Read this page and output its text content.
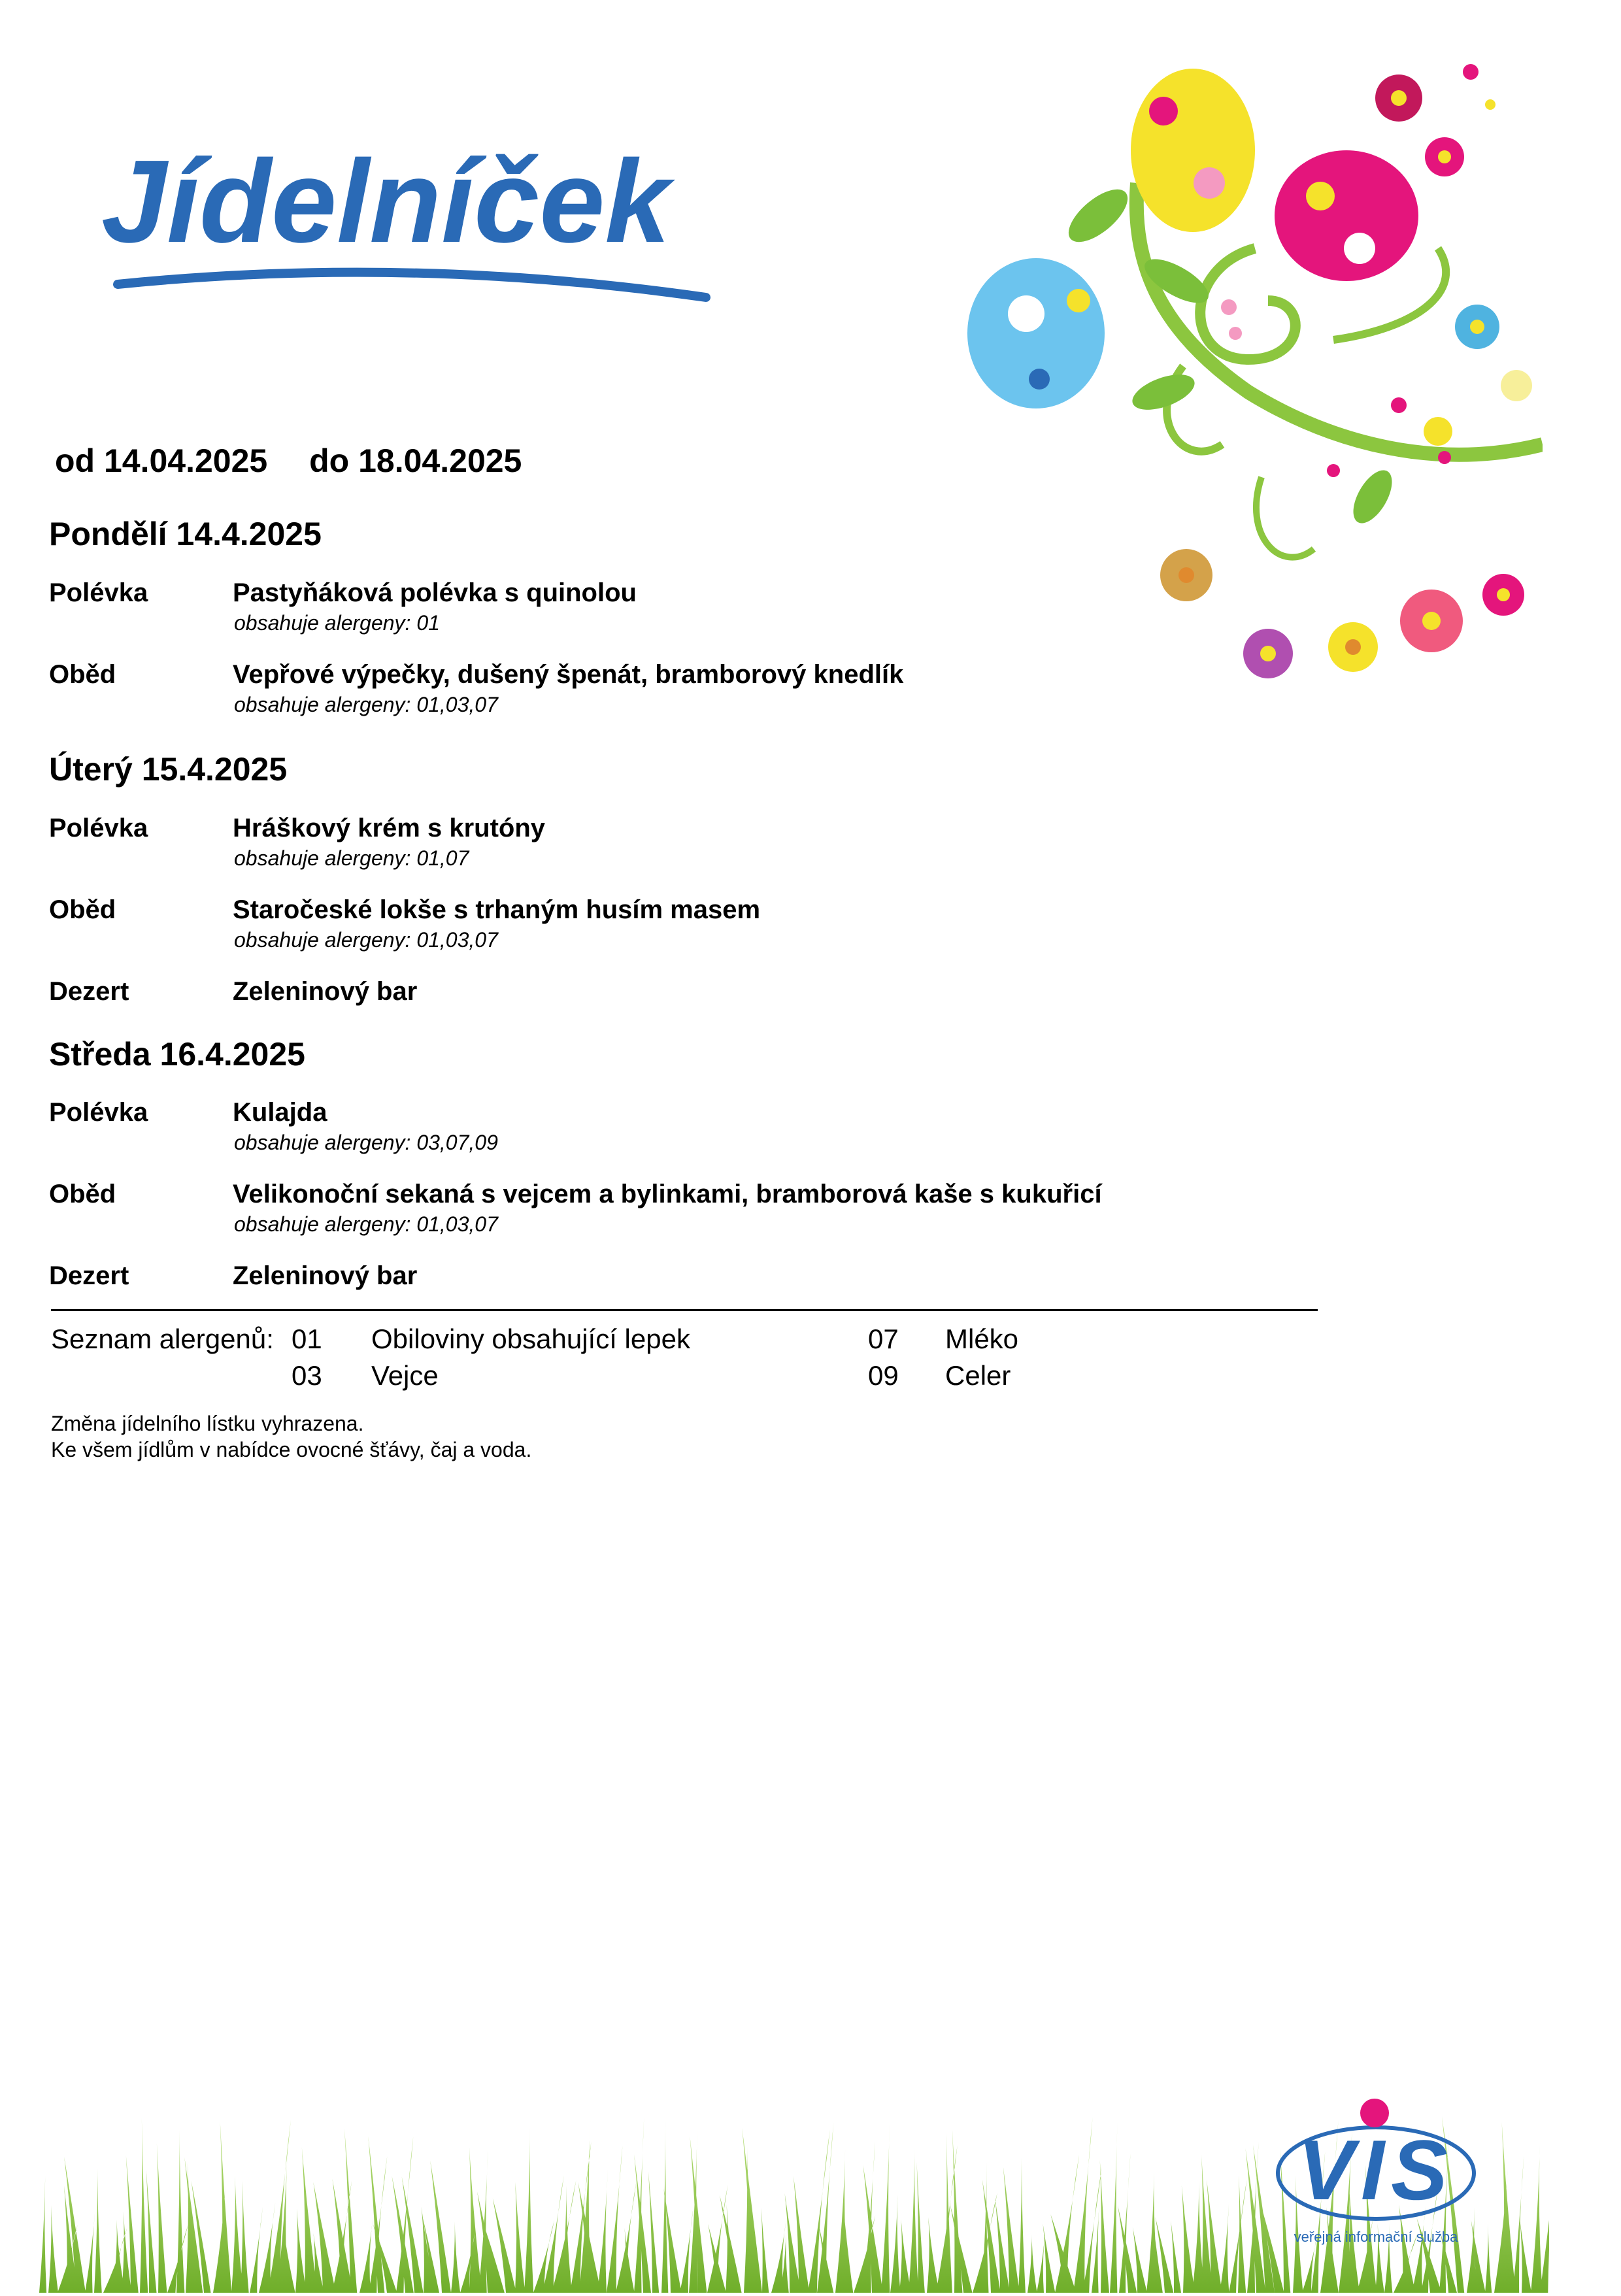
Jídelníček
od 14.04.2025 do 18.04.2025
Pondělí 14.4.2025
Polévka	Pastyňáková polévka s quinolou
obsahuje alergeny: 01
Oběd	Vepřové výpečky, dušený špenát, bramborový knedlík
obsahuje alergeny: 01,03,07
Úterý 15.4.2025
Polévka	Hráškový krém s krutóny
obsahuje alergeny: 01,07
Oběd	Staročeské lokše s trhaným husím masem
obsahuje alergeny: 01,03,07
Dezert	Zeleninový bar
Středa 16.4.2025
Polévka	Kulajda
obsahuje alergeny: 03,07,09
Oběd	Velikonoční sekaná s vejcem a bylinkami, bramborová kaše s kukuřicí
obsahuje alergeny: 01,03,07
Dezert	Zeleninový bar
Seznam alergenů: 01 Obiloviny obsahující lepek	07 Mléko
03 Vejce	09 Celer
Změna jídelního lístku vyhrazena.
Ke všem jídlům v nabídce ovocné šťávy, čaj a voda.
VIS
veřejná informační služba
